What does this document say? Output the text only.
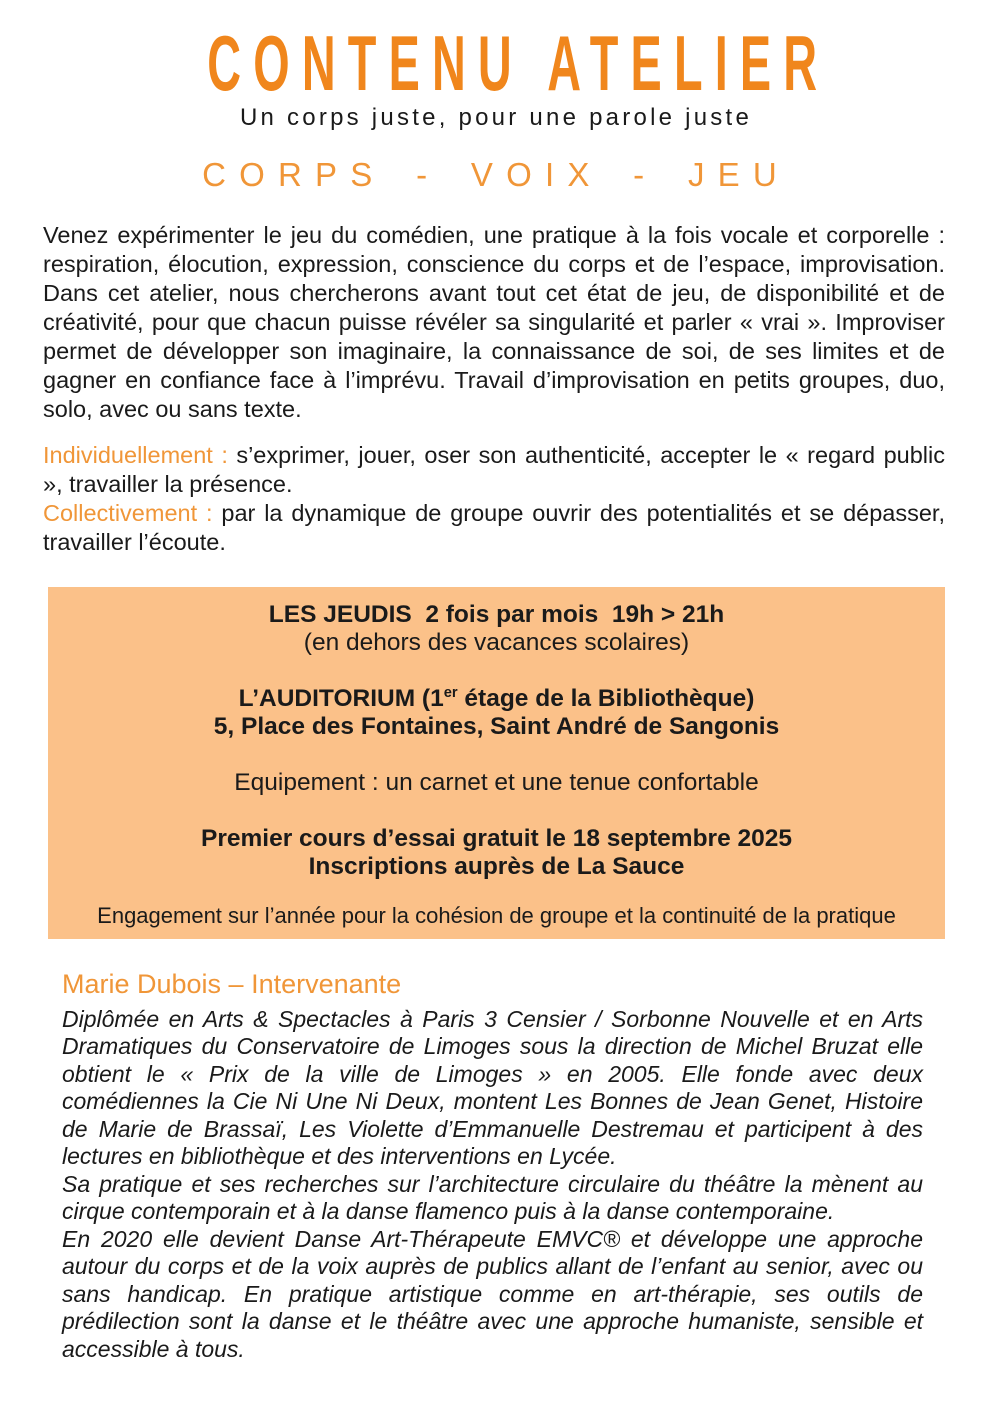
CONTENU ATELIER
Un corps juste, pour une parole juste
CORPS - VOIX - JEU

Venez expérimenter le jeu du comédien, une pratique à la fois vocale et corporelle : respiration, élocution, expression, conscience du corps et de l’espace, improvisation. Dans cet atelier, nous chercherons avant tout cet état de jeu, de disponibilité et de créativité, pour que chacun puisse révéler sa singularité et parler « vrai ». Improviser permet de développer son imaginaire, la connaissance de soi, de ses limites et de gagner en confiance face à l’imprévu. Travail d’improvisation en petits groupes, duo, solo, avec ou sans texte.

Individuellement : s’exprimer, jouer, oser son authenticité, accepter le « regard public », travailler la présence.

Collectivement : par la dynamique de groupe ouvrir des potentialités et se dépasser, travailler l’écoute.

LES JEUDIS  2 fois par mois  19h > 21h

(en dehors des vacances scolaires)

L’AUDITORIUM (1er étage de la Bibliothèque)

5, Place des Fontaines, Saint André de Sangonis

Equipement : un carnet et une tenue confortable

Premier cours d’essai gratuit le 18 septembre 2025

Inscriptions auprès de La Sauce

Engagement sur l’année pour la cohésion de groupe et la continuité de la pratique

Marie Dubois – Intervenante

Diplômée en Arts & Spectacles à Paris 3 Censier / Sorbonne Nouvelle et en Arts Dramatiques du Conservatoire de Limoges sous la direction de Michel Bruzat elle obtient le « Prix de la ville de Limoges » en 2005. Elle fonde avec deux comédiennes la Cie Ni Une Ni Deux, montent Les Bonnes de Jean Genet, Histoire de Marie de Brassaï, Les Violette d’Emmanuelle Destremau et participent à des lectures en bibliothèque et des interventions en Lycée.

Sa pratique et ses recherches sur l’architecture circulaire du théâtre la mènent au cirque contemporain et à la danse flamenco puis à la danse contemporaine.

En 2020 elle devient Danse Art-Thérapeute EMVC® et développe une approche autour du corps et de la voix auprès de publics allant de l’enfant au senior, avec ou sans handicap. En pratique artistique comme en art-thérapie, ses outils de prédilection sont la danse et le théâtre avec une approche humaniste, sensible et accessible à tous.
